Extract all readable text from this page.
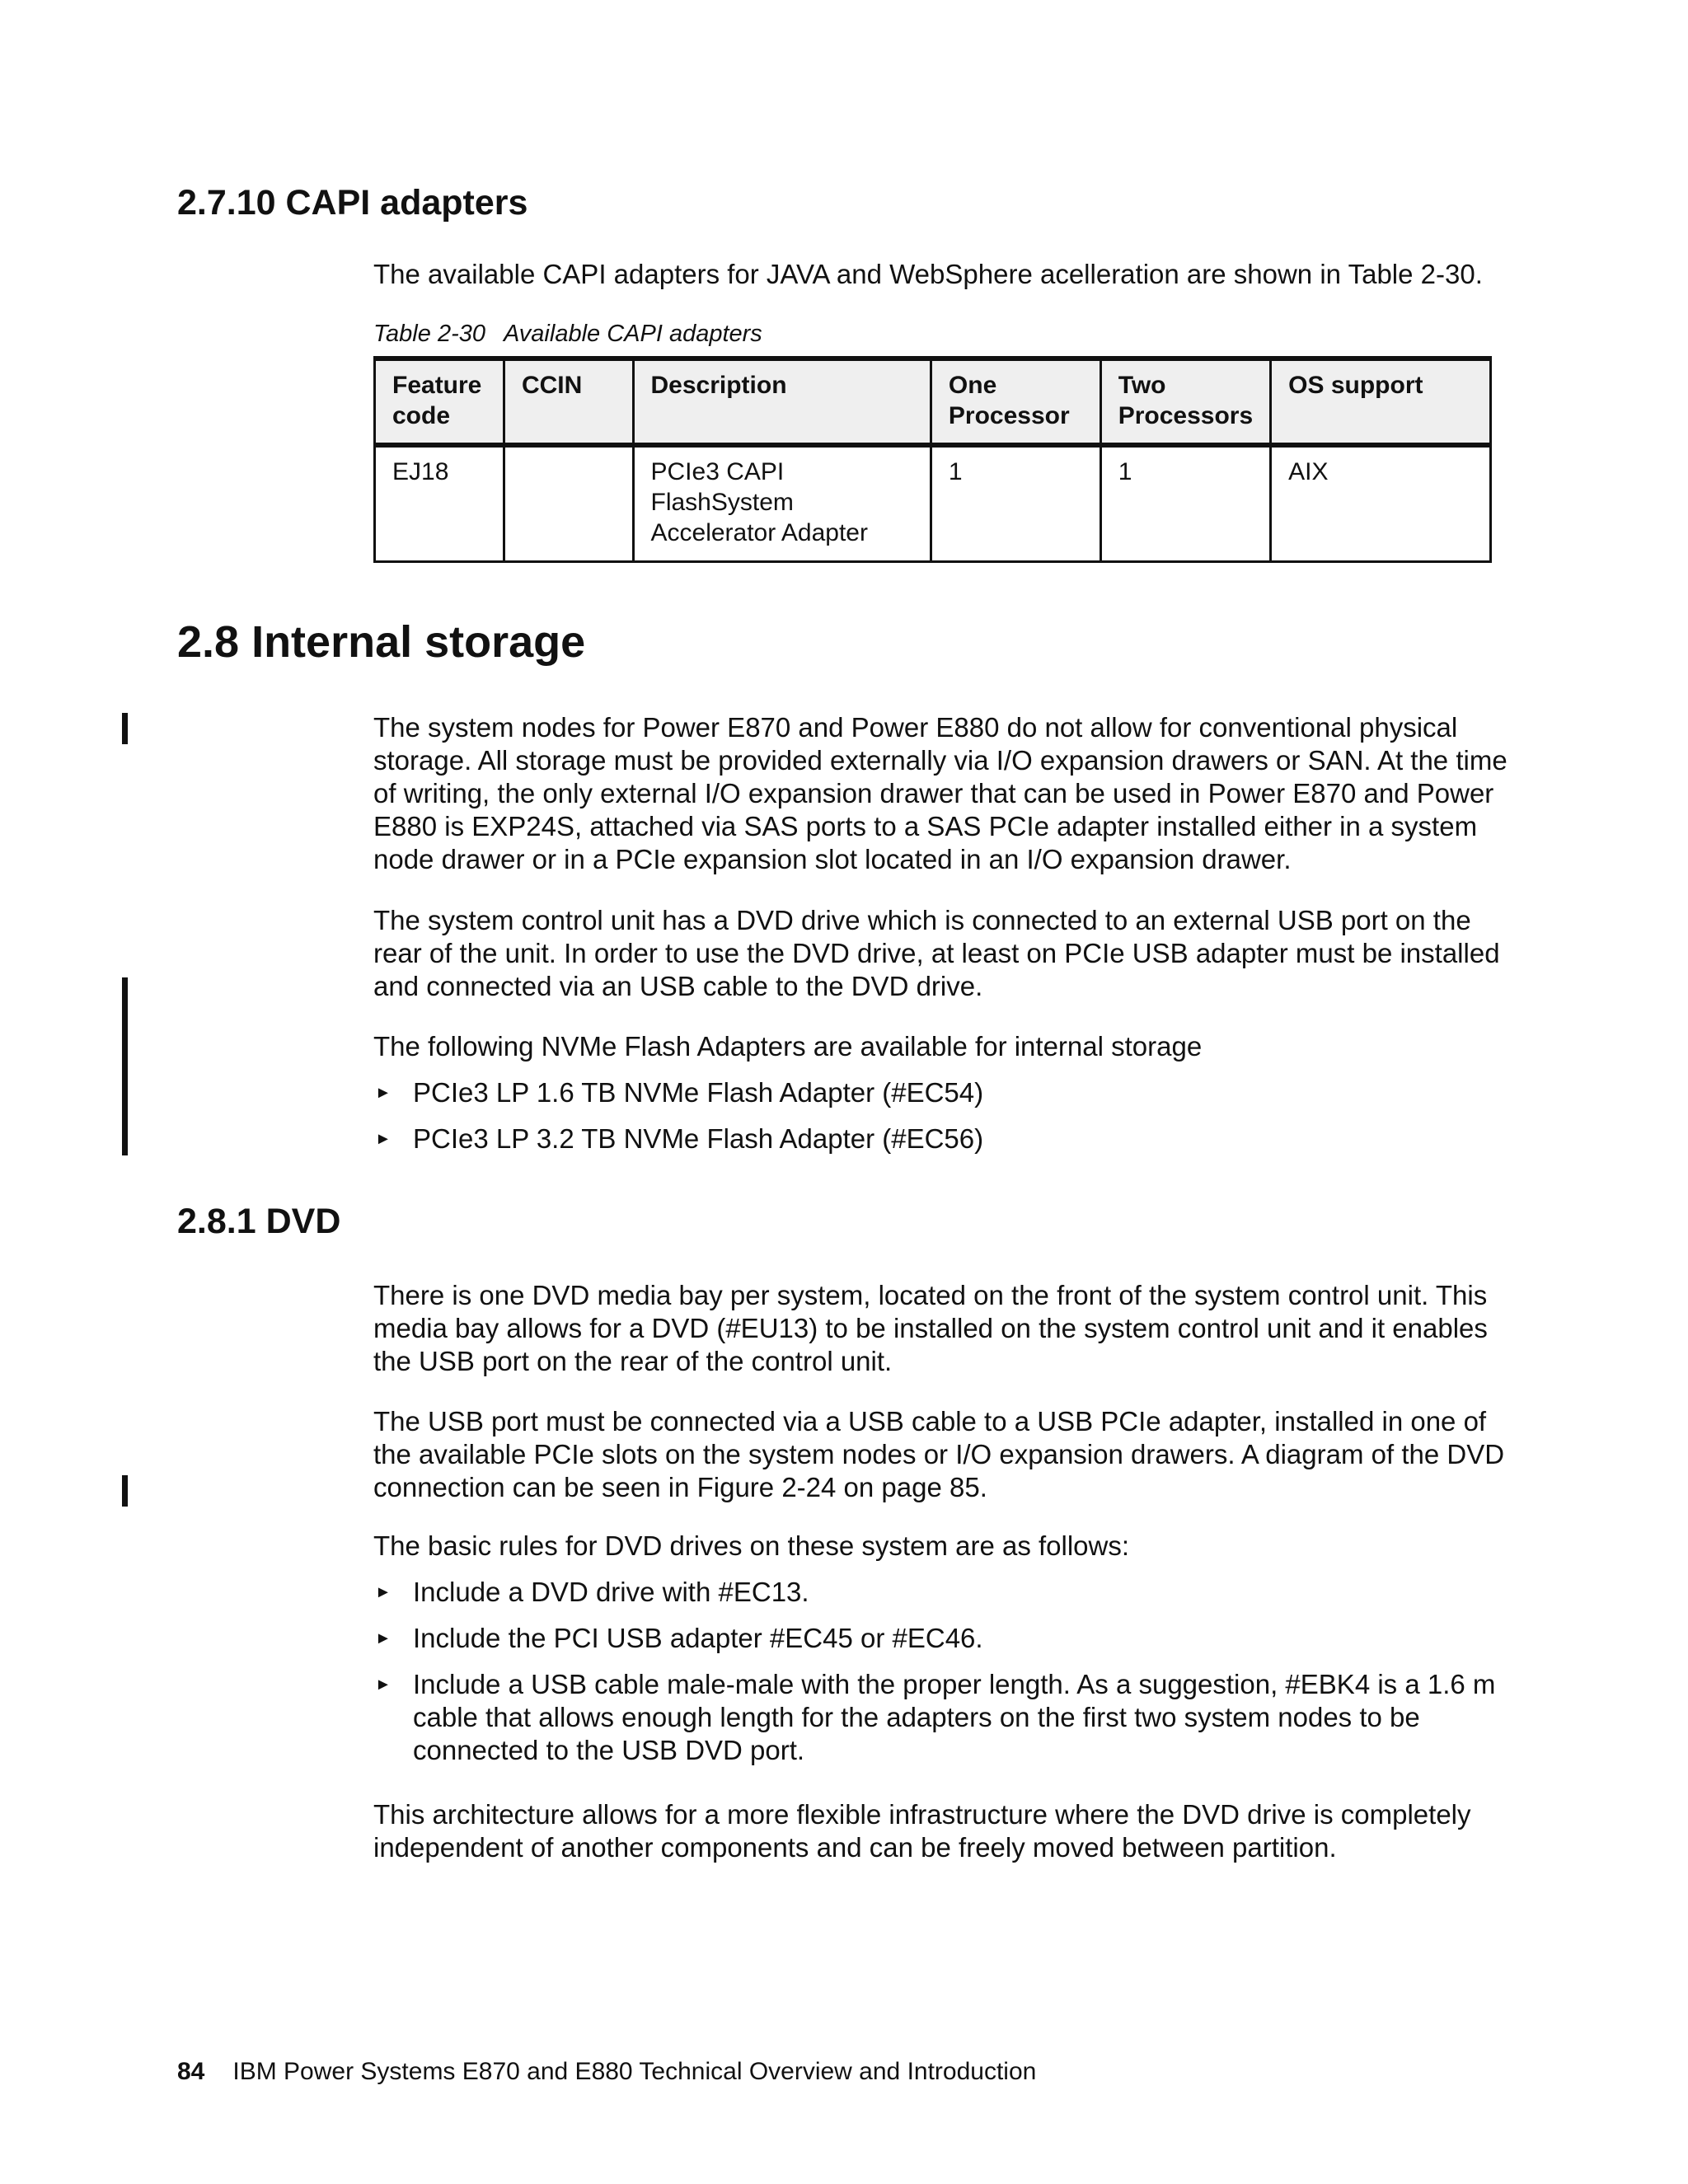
2.7.10 CAPI adapters

The available CAPI adapters for JAVA and WebSphere acelleration are shown in Table 2-30.

Table 2-30 Available CAPI adapters

Feature code	CCIN	Description	One Processor	Two Processors	OS support
EJ18		PCIe3 CAPI FlashSystem Accelerator Adapter	1	1	AIX
2.8 Internal storage

The system nodes for Power E870 and Power E880 do not allow for conventional physical storage. All storage must be provided externally via I/O expansion drawers or SAN. At the time of writing, the only external I/O expansion drawer that can be used in Power E870 and Power E880 is EXP24S, attached via SAS ports to a SAS PCIe adapter installed either in a system node drawer or in a PCIe expansion slot located in an I/O expansion drawer.

The system control unit has a DVD drive which is connected to an external USB port on the rear of the unit. In order to use the DVD drive, at least on PCIe USB adapter must be installed and connected via an USB cable to the DVD drive.

The following NVMe Flash Adapters are available for internal storage

► PCIe3 LP 1.6 TB NVMe Flash Adapter (#EC54)
► PCIe3 LP 3.2 TB NVMe Flash Adapter (#EC56)
2.8.1 DVD

There is one DVD media bay per system, located on the front of the system control unit. This media bay allows for a DVD (#EU13) to be installed on the system control unit and it enables the USB port on the rear of the control unit.

The USB port must be connected via a USB cable to a USB PCIe adapter, installed in one of the available PCIe slots on the system nodes or I/O expansion drawers. A diagram of the DVD connection can be seen in Figure 2-24 on page 85.

The basic rules for DVD drives on these system are as follows:

► Include a DVD drive with #EC13.
► Include the PCI USB adapter #EC45 or #EC46.
► Include a USB cable male-male with the proper length. As a suggestion, #EBK4 is a 1.6 m cable that allows enough length for the adapters on the first two system nodes to be connected to the USB DVD port.

This architecture allows for a more flexible infrastructure where the DVD drive is completely independent of another components and can be freely moved between partition.

84 IBM Power Systems E870 and E880 Technical Overview and Introduction
